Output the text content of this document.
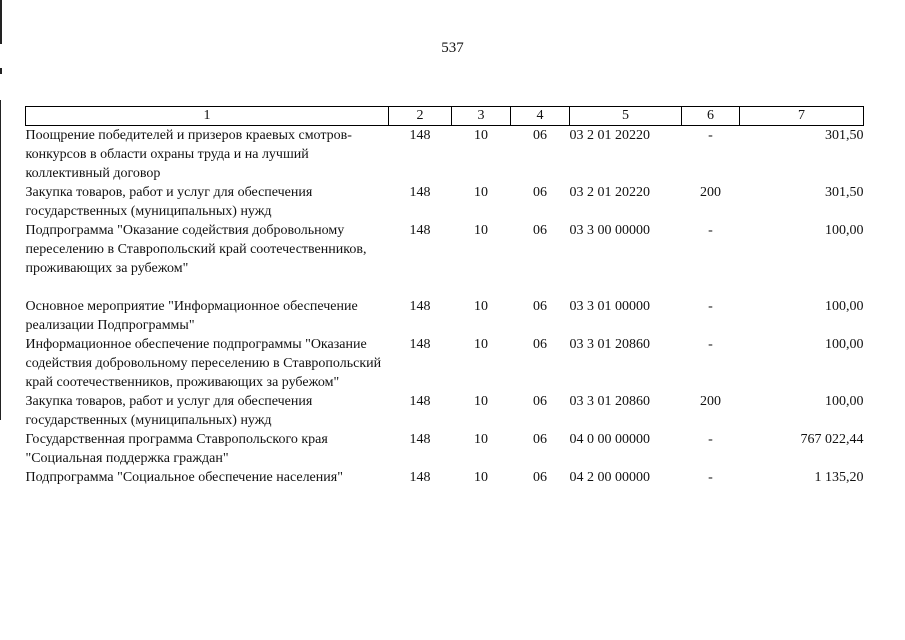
537
1	2	3	4	5	6	7
Поощрение победителей и призеров краевых смотров-конкурсов в области охраны труда и на лучший коллективный договор	148	10	06	03 2 01 20220	-	301,50
Закупка товаров, работ и услуг для обеспечения государственных (муниципальных) нужд	148	10	06	03 2 01 20220	200	301,50
Подпрограмма "Оказание содействия добровольному переселению в Ставропольский край соотечественников, проживающих за рубежом"	148	10	06	03 3 00 00000	-	100,00
Основное мероприятие "Информационное обеспечение реализации Подпрограммы"	148	10	06	03 3 01 00000	-	100,00
Информационное обеспечение подпрограммы "Оказание содействия добровольному переселению в Ставропольский край соотечественников, проживающих за рубежом"	148	10	06	03 3 01 20860	-	100,00
Закупка товаров, работ и услуг для обеспечения государственных (муниципальных) нужд	148	10	06	03 3 01 20860	200	100,00
Государственная программа Ставропольского края "Социальная поддержка граждан"	148	10	06	04 0 00 00000	-	767 022,44
Подпрограмма "Социальное обеспечение населения"	148	10	06	04 2 00 00000	-	1 135,20
